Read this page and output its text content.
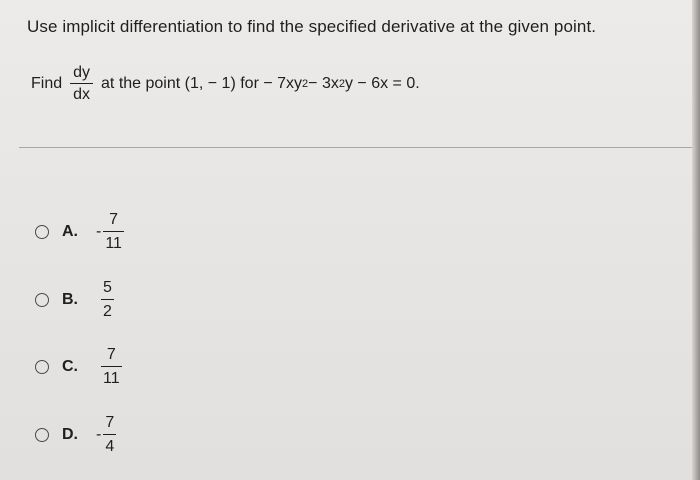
Use implicit differentiation to find the specified derivative at the given point.
Find $\frac{dy}{dx}$ at the point (1, − 1) for − 7xy 2 − 3x 2 y − 6x = 0.
A.	- $\frac{7}{11}$
B.	$\frac{5}{2}$
C.	$\frac{7}{11}$
D.	- $\frac{7}{4}$
